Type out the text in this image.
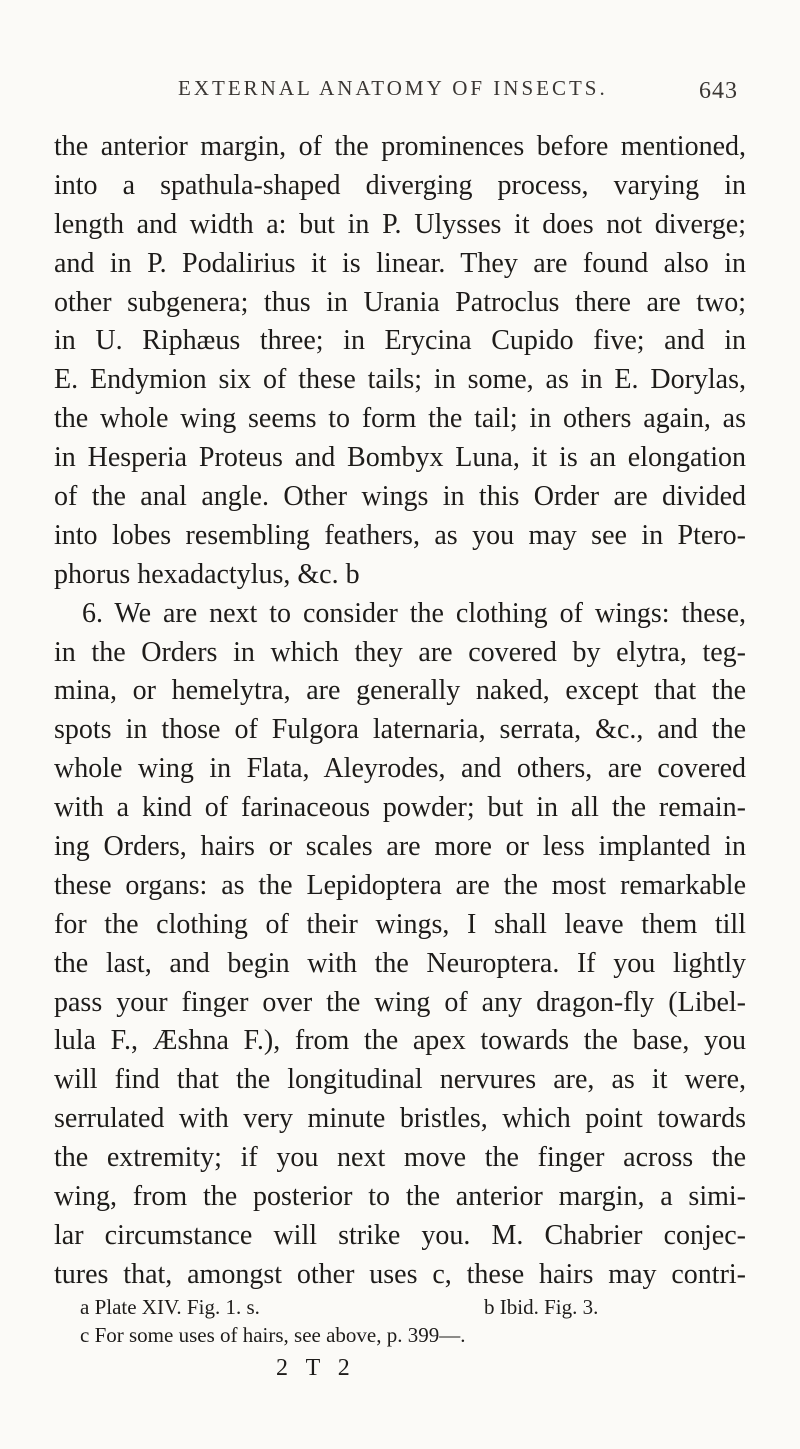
EXTERNAL ANATOMY OF INSECTS.	643
the anterior margin, of the prominences before mentioned,
into a spathula-shaped diverging process, varying in
length and width a: but in P. Ulysses it does not diverge;
and in P. Podalirius it is linear. They are found also in
other subgenera; thus in Urania Patroclus there are two;
in U. Riphæus three; in Erycina Cupido five; and in
E. Endymion six of these tails; in some, as in E. Dorylas,
the whole wing seems to form the tail; in others again, as
in Hesperia Proteus and Bombyx Luna, it is an elongation
of the anal angle. Other wings in this Order are divided
into lobes resembling feathers, as you may see in Ptero-
phorus hexadactylus, &c. b
6. We are next to consider the clothing of wings: these,
in the Orders in which they are covered by elytra, teg-
mina, or hemelytra, are generally naked, except that the
spots in those of Fulgora laternaria, serrata, &c., and the
whole wing in Flata, Aleyrodes, and others, are covered
with a kind of farinaceous powder; but in all the remain-
ing Orders, hairs or scales are more or less implanted in
these organs: as the Lepidoptera are the most remarkable
for the clothing of their wings, I shall leave them till
the last, and begin with the Neuroptera. If you lightly
pass your finger over the wing of any dragon-fly (Libel-
lula F., Æshna F.), from the apex towards the base, you
will find that the longitudinal nervures are, as it were,
serrulated with very minute bristles, which point towards
the extremity; if you next move the finger across the
wing, from the posterior to the anterior margin, a simi-
lar circumstance will strike you. M. Chabrier conjec-
tures that, amongst other uses c, these hairs may contri-
a Plate XIV. Fig. 1. s.	b Ibid. Fig. 3.
c For some uses of hairs, see above, p. 399—.
2 T 2
